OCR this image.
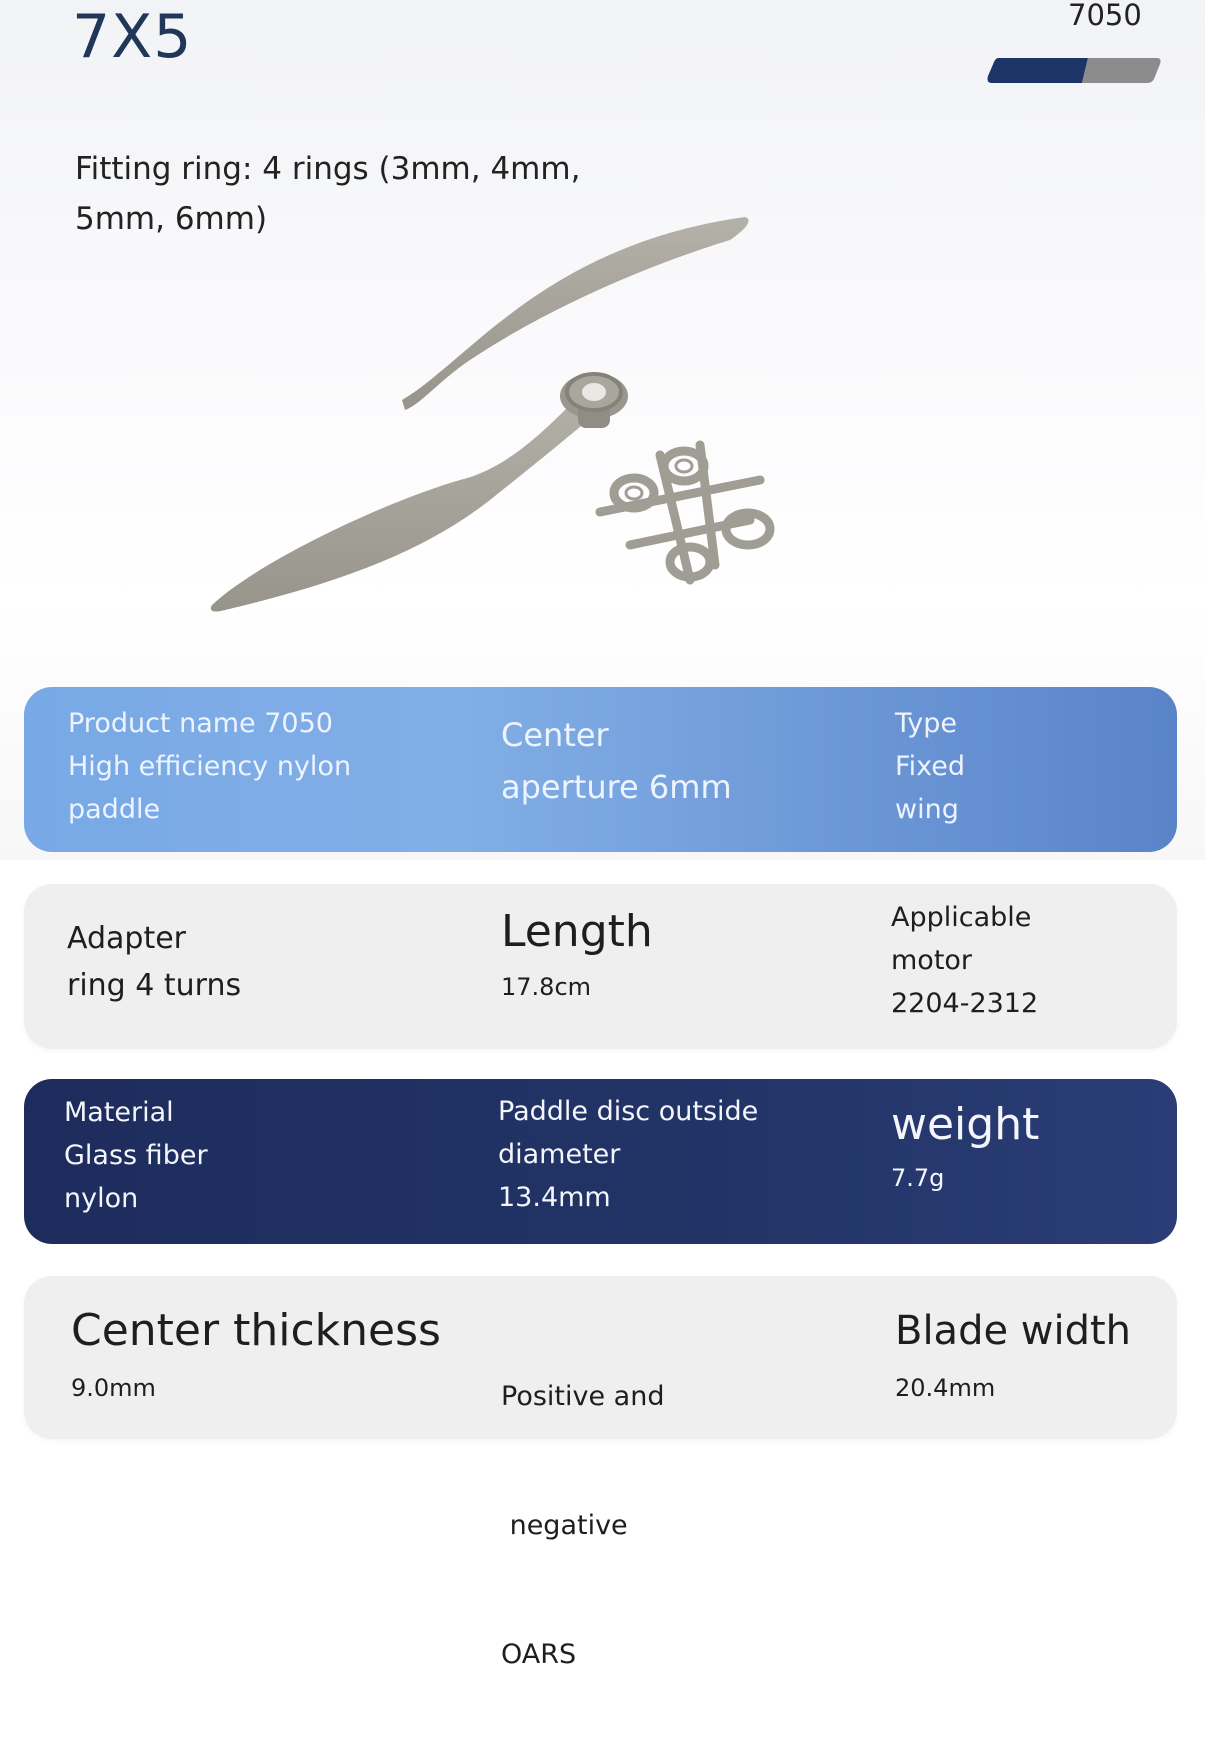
7X5	7050
Fitting ring: 4 rings (3mm, 4mm,
5mm, 6mm)
Product name 7050
High efficiency nylon
paddle
Center
aperture 6mm
Type
Fixed
wing
Adapter
ring 4 turns
Length
17.8cm
Applicable
motor
2204-2312
Material
Glass fiber
nylon
Paddle disc outside
diameter
13.4mm
weight
7.7g
Center thickness
9.0mm

	Positive and

negative

OARS

Blade width
20.4mm
